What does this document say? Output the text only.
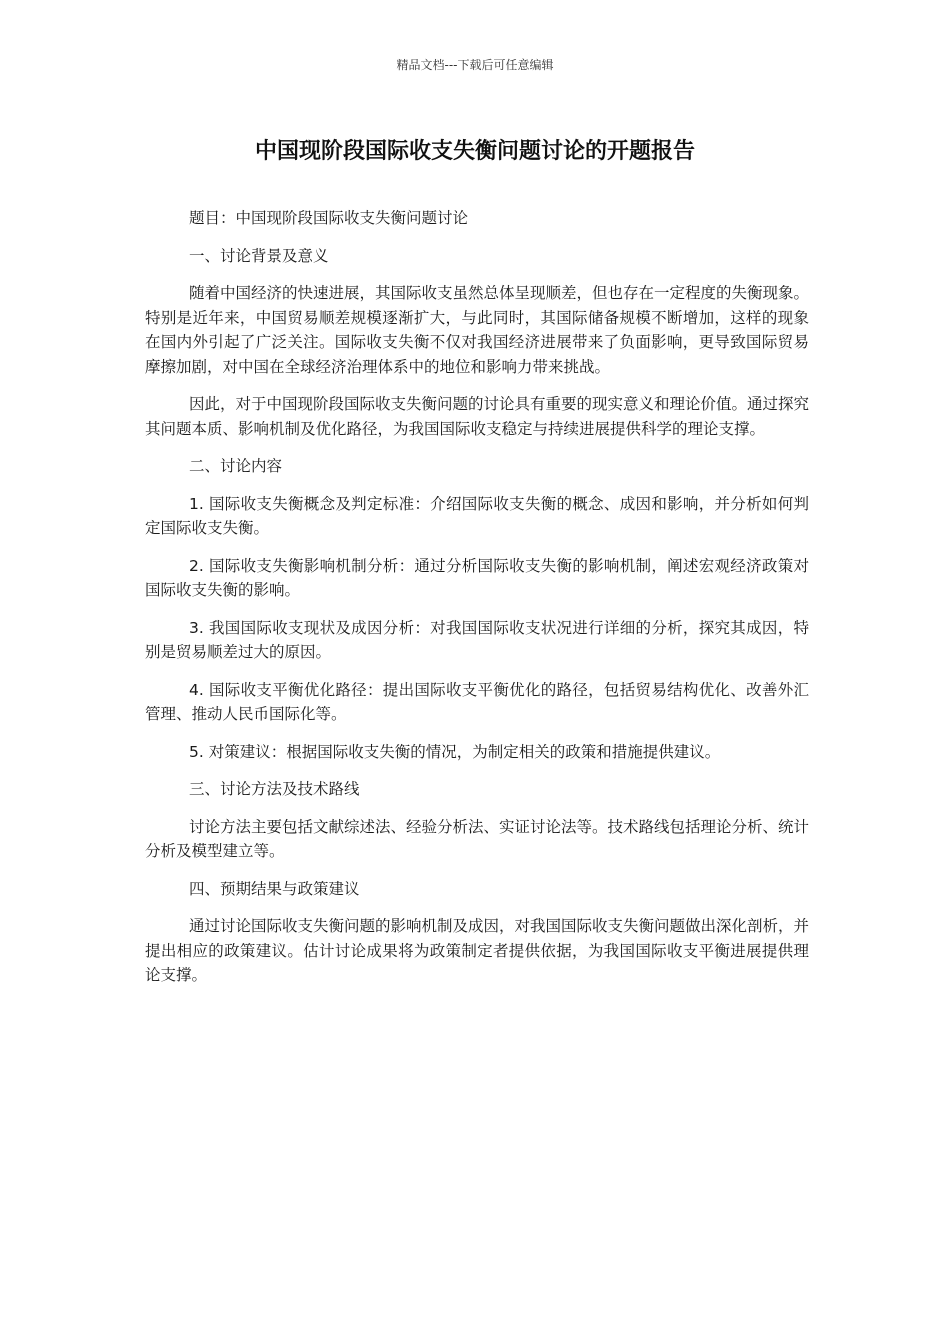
精品文档---下载后可任意编辑
中国现阶段国际收支失衡问题讨论的开题报告

题目：中国现阶段国际收支失衡问题讨论

一、讨论背景及意义

随着中国经济的快速进展，其国际收支虽然总体呈现顺差，但也存在一定程度的失衡现象。特别是近年来，中国贸易顺差规模逐渐扩大，与此同时，其国际储备规模不断增加，这样的现象在国内外引起了广泛关注。国际收支失衡不仅对我国经济进展带来了负面影响，更导致国际贸易摩擦加剧，对中国在全球经济治理体系中的地位和影响力带来挑战。

因此，对于中国现阶段国际收支失衡问题的讨论具有重要的现实意义和理论价值。通过探究其问题本质、影响机制及优化路径，为我国国际收支稳定与持续进展提供科学的理论支撑。

二、讨论内容

1. 国际收支失衡概念及判定标准：介绍国际收支失衡的概念、成因和影响，并分析如何判定国际收支失衡。

2. 国际收支失衡影响机制分析：通过分析国际收支失衡的影响机制，阐述宏观经济政策对国际收支失衡的影响。

3. 我国国际收支现状及成因分析：对我国国际收支状况进行详细的分析，探究其成因，特别是贸易顺差过大的原因。

4. 国际收支平衡优化路径：提出国际收支平衡优化的路径，包括贸易结构优化、改善外汇管理、推动人民币国际化等。

5. 对策建议：根据国际收支失衡的情况，为制定相关的政策和措施提供建议。

三、讨论方法及技术路线

讨论方法主要包括文献综述法、经验分析法、实证讨论法等。技术路线包括理论分析、统计分析及模型建立等。

四、预期结果与政策建议

通过讨论国际收支失衡问题的影响机制及成因，对我国国际收支失衡问题做出深化剖析，并提出相应的政策建议。估计讨论成果将为政策制定者提供依据，为我国国际收支平衡进展提供理论支撑。
